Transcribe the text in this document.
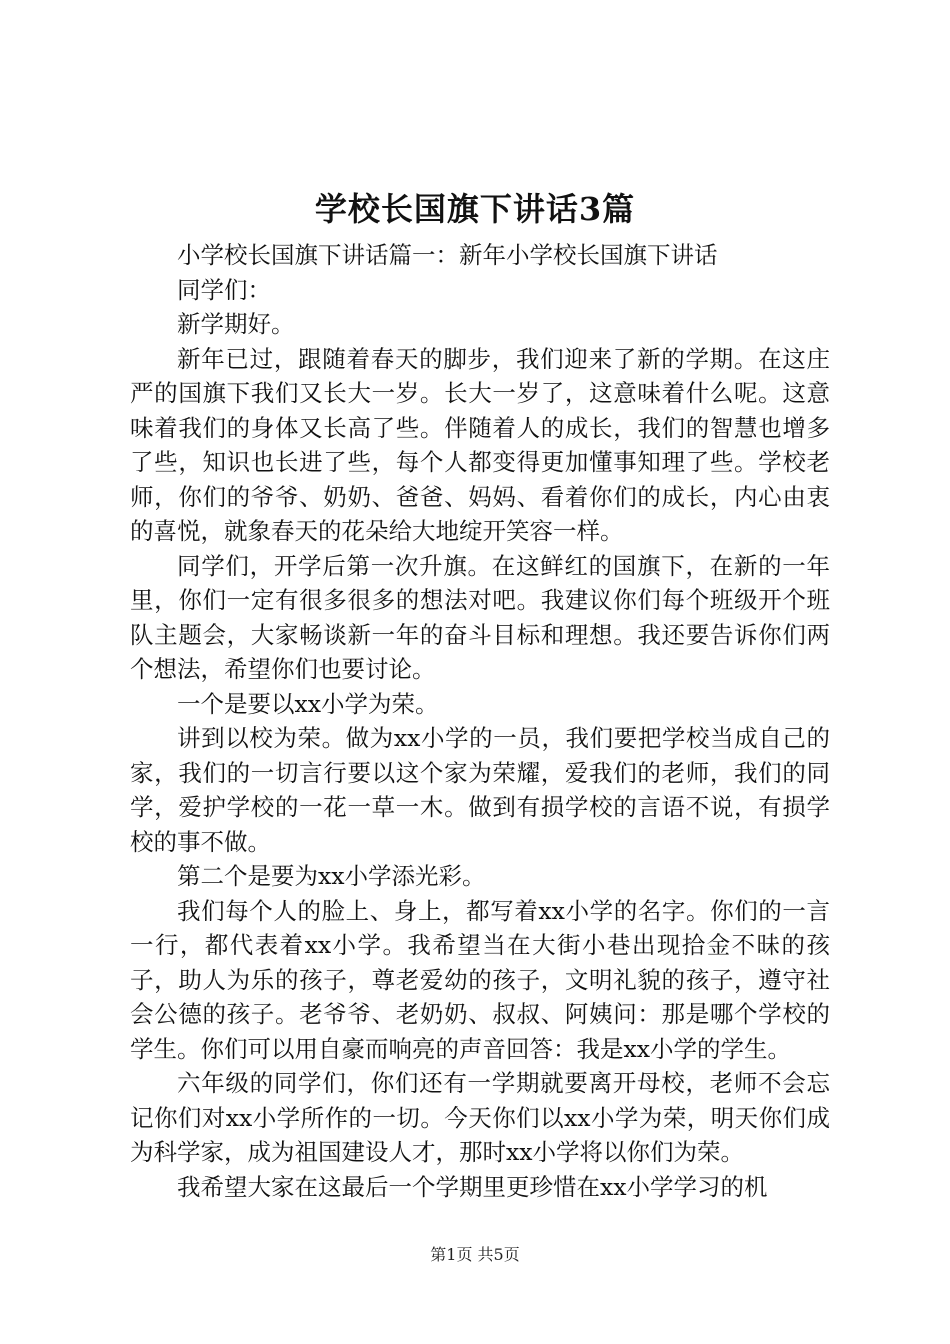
学校长国旗下讲话3篇

小学校长国旗下讲话篇一：新年小学校长国旗下讲话

同学们：

新学期好。

新年已过，跟随着春天的脚步，我们迎来了新的学期。在这庄严的国旗下我们又长大一岁。长大一岁了，这意味着什么呢。这意味着我们的身体又长高了些。伴随着人的成长，我们的智慧也增多了些，知识也长进了些，每个人都变得更加懂事知理了些。学校老师，你们的爷爷、奶奶、爸爸、妈妈、看着你们的成长，内心由衷的喜悦，就象春天的花朵给大地绽开笑容一样。

同学们，开学后第一次升旗。在这鲜红的国旗下，在新的一年里，你们一定有很多很多的想法对吧。我建议你们每个班级开个班队主题会，大家畅谈新一年的奋斗目标和理想。我还要告诉你们两个想法，希望你们也要讨论。

一个是要以xx小学为荣。

讲到以校为荣。做为xx小学的一员，我们要把学校当成自己的家，我们的一切言行要以这个家为荣耀，爱我们的老师，我们的同学，爱护学校的一花一草一木。做到有损学校的言语不说，有损学校的事不做。

第二个是要为xx小学添光彩。

我们每个人的脸上、身上，都写着xx小学的名字。你们的一言一行，都代表着xx小学。我希望当在大街小巷出现拾金不昧的孩子，助人为乐的孩子，尊老爱幼的孩子，文明礼貌的孩子，遵守社会公德的孩子。老爷爷、老奶奶、叔叔、阿姨问：那是哪个学校的学生。你们可以用自豪而响亮的声音回答：我是xx小学的学生。

六年级的同学们，你们还有一学期就要离开母校，老师不会忘记你们对xx小学所作的一切。今天你们以xx小学为荣，明天你们成为科学家，成为祖国建设人才，那时xx小学将以你们为荣。

我希望大家在这最后一个学期里更珍惜在xx小学学习的机

第1页 共5页
